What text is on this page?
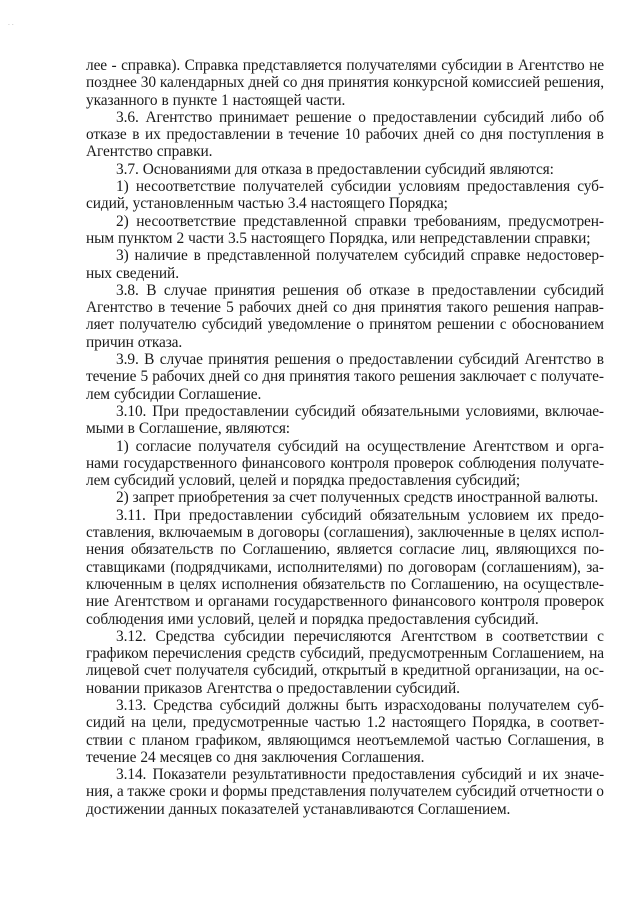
· ·
лее - справка). Справка представляется получателями субсидии в Агентство не
позднее 30 календарных дней со дня принятия конкурсной комиссией решения,
указанного в пункте 1 настоящей части.
3.6. Агентство принимает решение о предоставлении субсидий либо об
отказе в их предоставлении в течение 10 рабочих дней со дня поступления в
Агентство справки.
3.7. Основаниями для отказа в предоставлении субсидий являются:
1) несоответствие получателей субсидии условиям предоставления суб-
сидий, установленным частью 3.4 настоящего Порядка;
2) несоответствие представленной справки требованиям, предусмотрен-
ным пунктом 2 части 3.5 настоящего Порядка, или непредставлении справки;
3) наличие в представленной получателем субсидий справке недостовер-
ных сведений.
3.8. В случае принятия решения об отказе в предоставлении субсидий
Агентство в течение 5 рабочих дней со дня принятия такого решения направ-
ляет получателю субсидий уведомление о принятом решении с обоснованием
причин отказа.
3.9. В случае принятия решения о предоставлении субсидий Агентство в
течение 5 рабочих дней со дня принятия такого решения заключает с получате-
лем субсидии Соглашение.
3.10. При предоставлении субсидий обязательными условиями, включае-
мыми в Соглашение, являются:
1) согласие получателя субсидий на осуществление Агентством и орга-
нами государственного финансового контроля проверок соблюдения получате-
лем субсидий условий, целей и порядка предоставления субсидий;
2) запрет приобретения за счет полученных средств иностранной валюты.
3.11. При предоставлении субсидий обязательным условием их предо-
ставления, включаемым в договоры (соглашения), заключенные в целях испол-
нения обязательств по Соглашению, является согласие лиц, являющихся по-
ставщиками (подрядчиками, исполнителями) по договорам (соглашениям), за-
ключенным в целях исполнения обязательств по Соглашению, на осуществле-
ние Агентством и органами государственного финансового контроля проверок
соблюдения ими условий, целей и порядка предоставления субсидий.
3.12. Средства субсидии перечисляются Агентством в соответствии с
графиком перечисления средств субсидий, предусмотренным Соглашением, на
лицевой счет получателя субсидий, открытый в кредитной организации, на ос-
новании приказов Агентства о предоставлении субсидий.
3.13. Средства субсидий должны быть израсходованы получателем суб-
сидий на цели, предусмотренные частью 1.2 настоящего Порядка, в соответ-
ствии с планом графиком, являющимся неотъемлемой частью Соглашения, в
течение 24 месяцев со дня заключения Соглашения.
3.14. Показатели результативности предоставления субсидий и их значе-
ния, а также сроки и формы представления получателем субсидий отчетности о
достижении данных показателей устанавливаются Соглашением.
